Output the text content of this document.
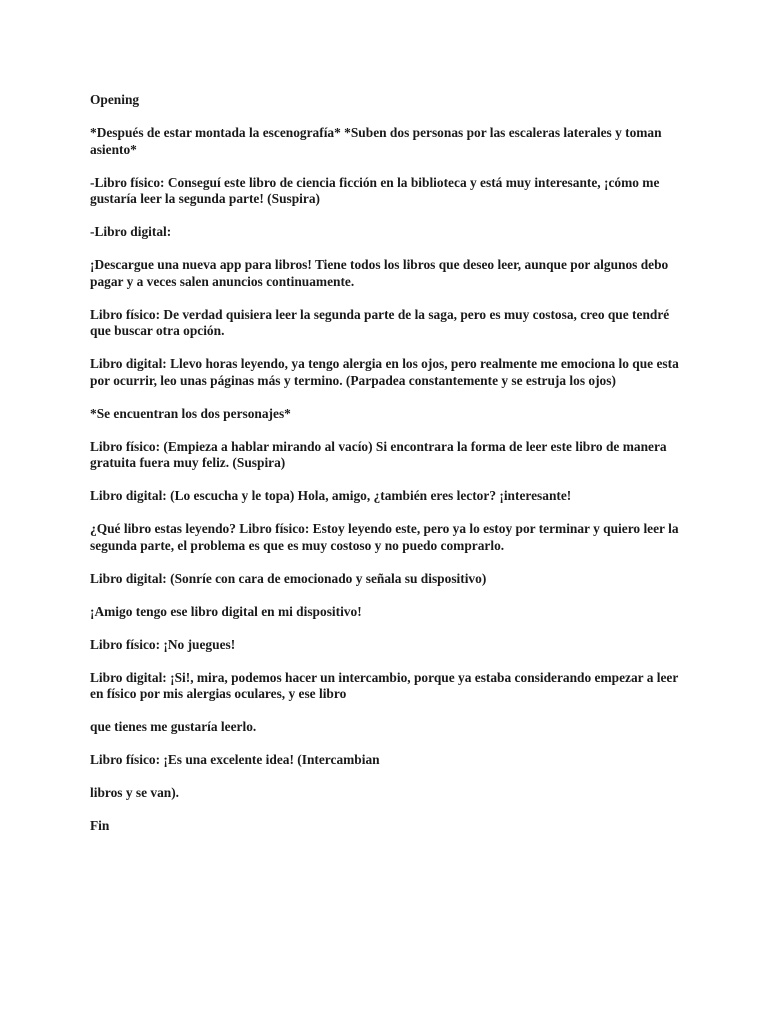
Opening

*Después de estar montada la escenografía* *Suben dos personas por las escaleras laterales y toman asiento*

-Libro físico: Conseguí este libro de ciencia ficción en la biblioteca y está muy interesante, ¡cómo me gustaría leer la segunda parte! (Suspira)

-Libro digital:

¡Descargue una nueva app para libros! Tiene todos los libros que deseo leer, aunque por algunos debo pagar y a veces salen anuncios continuamente.

Libro físico: De verdad quisiera leer la segunda parte de la saga, pero es muy costosa, creo que tendré que buscar otra opción.

Libro digital: Llevo horas leyendo, ya tengo alergia en los ojos, pero realmente me emociona lo que esta por ocurrir, leo unas páginas más y termino. (Parpadea constantemente y se estruja los ojos)

*Se encuentran los dos personajes*

Libro físico: (Empieza a hablar mirando al vacío) Si encontrara la forma de leer este libro de manera gratuita fuera muy feliz. (Suspira)

Libro digital: (Lo escucha y le topa) Hola, amigo, ¿también eres lector? ¡interesante!

¿Qué libro estas leyendo? Libro físico: Estoy leyendo este, pero ya lo estoy por terminar y quiero leer la segunda parte, el problema es que es muy costoso y no puedo comprarlo.

Libro digital: (Sonríe con cara de emocionado y señala su dispositivo)

¡Amigo tengo ese libro digital en mi dispositivo!

Libro físico: ¡No juegues!

Libro digital: ¡Si!, mira, podemos hacer un intercambio, porque ya estaba considerando empezar a leer en físico por mis alergias oculares, y ese libro

que tienes me gustaría leerlo.

Libro físico: ¡Es una excelente idea! (Intercambian

libros y se van).

Fin
